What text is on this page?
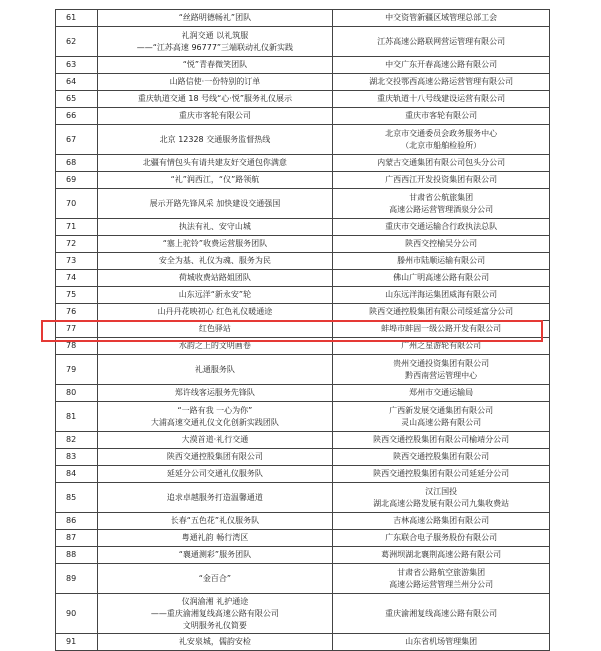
61	“丝路明德畅礼”团队	中交资管新疆区域管理总部工会

62	礼润交通 以礼筑服
——“江苏高速 96777”三端联动礼仪新实践	江苏高速公路联网营运管理有限公司

63	“悦”青春微笑团队	中交广东开春高速公路有限公司

64	山路信使·一份特别的订单	湖北交投鄂西高速公路运营管理有限公司

65	重庆轨道交通 18 号线“心·悦”服务礼仪展示	重庆轨道十八号线建设运营有限公司

66	重庆市客轮有限公司	重庆市客轮有限公司

67	北京 12328 交通服务监督热线	北京市交通委员会政务服务中心
（北京市船舶检验所）

68	北疆有情包头有请共建友好交通包你满意	内蒙古交通集团有限公司包头分公司

69	“礼”润西江，“仪”路领航	广西西江开发投资集团有限公司

70	展示开路先锋风采 加快建设交通强国	甘肃省公航旅集团
高速公路运营管理酒泉分公司

71	执法有礼、安守山城	重庆市交通运输合行政执法总队

72	“塞上驼铃”收费运营服务团队	陕西交控榆吴分公司

73	安全为基、礼仪为魂、服务为民	滕州市陆顺运输有限公司

74	荷城收费站路姐团队	佛山广明高速公路有限公司

75	山东远洋“新永安”轮	山东远洋海运集团威海有限公司

76	山丹丹花映初心 红色礼仪暖通途	陕西交通控股集团有限公司绥延富分公司

77	红色驿站	蚌埠市蚌固一级公路开发有限公司

78	水韵之上的文明画卷	广州之星游轮有限公司

79	礼通服务队	贵州交通投资集团有限公司
黔西南营运管理中心

80	郑许线客运服务先锋队	郑州市交通运输局

81	“一路有我 一心为你”
大浦高速交通礼仪文化创新实践团队	广西新发展交通集团有限公司
灵山高速公路有限公司

82	大漠首道·礼行交通	陕西交通控股集团有限公司榆靖分公司

83	陕西交通控股集团有限公司	陕西交通控股集团有限公司

84	延延分公司交通礼仪服务队	陕西交通控股集团有限公司延延分公司

85	追求卓越服务打造温馨通道	汉江国投
湖北高速公路发展有限公司九集收费站

86	长春“五色花”礼仪服务队	吉林高速公路集团有限公司

87	粤通礼韵 畅行湾区	广东联合电子服务股份有限公司

88	“襄通测彩”服务团队	葛洲坝湖北襄荆高速公路有限公司

89	“金百合”	甘肃省公路航空旅游集团
高速公路运营管理兰州分公司

90	仪润渝湘 礼护通途
——重庆渝湘复线高速公路有限公司
文明服务礼仪简要	重庆渝湘复线高速公路有限公司

91	礼安泉城，儒韵安检	山东省机场管理集团
